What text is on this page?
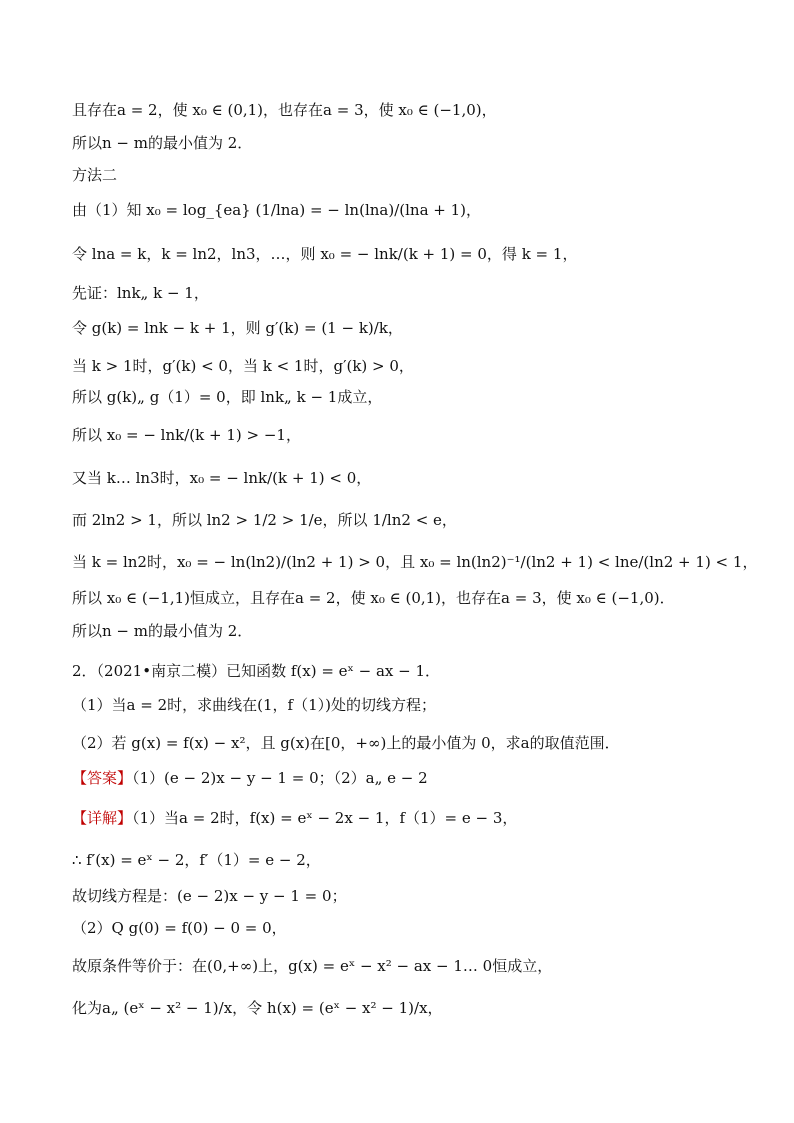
且存在a = 2，使 x₀ ∈ (0,1)，也存在a = 3，使 x₀ ∈ (−1,0)，
所以n − m的最小值为 2．
方法二
由（1）知 x₀ = log_{ea} (1/lna) = − ln(lna)/(lna + 1)，
令 lna = k，k = ln2，ln3，…，则 x₀ = − lnk/(k + 1) = 0，得 k = 1，
先证：lnk„ k − 1，
令 g(k) = lnk − k + 1，则 g′(k) = (1 − k)/k，
当 k > 1时，g′(k) < 0，当 k < 1时，g′(k) > 0，
所以 g(k)„ g（1）= 0，即 lnk„ k − 1成立，
所以 x₀ = − lnk/(k + 1) > −1，
又当 k… ln3时，x₀ = − lnk/(k + 1) < 0，
而 2ln2 > 1，所以 ln2 > 1/2 > 1/e，所以 1/ln2 < e，
当 k = ln2时，x₀ = − ln(ln2)/(ln2 + 1) > 0，且 x₀ = ln(ln2)⁻¹/(ln2 + 1) < lne/(ln2 + 1) < 1，
所以 x₀ ∈ (−1,1)恒成立，且存在a = 2，使 x₀ ∈ (0,1)，也存在a = 3，使 x₀ ∈ (−1,0)．
所以n − m的最小值为 2．
2．（2021•南京二模）已知函数 f(x) = eˣ − ax − 1．
（1）当a = 2时，求曲线在(1，f（1）)处的切线方程；
（2）若 g(x) = f(x) − x²，且 g(x)在[0，+∞)上的最小值为 0，求a的取值范围．
【答案】（1）(e − 2)x − y − 1 = 0；（2）a„ e − 2
【详解】（1）当a = 2时，f(x) = eˣ − 2x − 1，f（1）= e − 3，
∴ f′(x) = eˣ − 2，f′（1）= e − 2，
故切线方程是：(e − 2)x − y − 1 = 0；
（2）Q g(0) = f(0) − 0 = 0，
故原条件等价于：在(0,+∞)上，g(x) = eˣ − x² − ax − 1… 0恒成立，
化为a„ (eˣ − x² − 1)/x，令 h(x) = (eˣ − x² − 1)/x，
